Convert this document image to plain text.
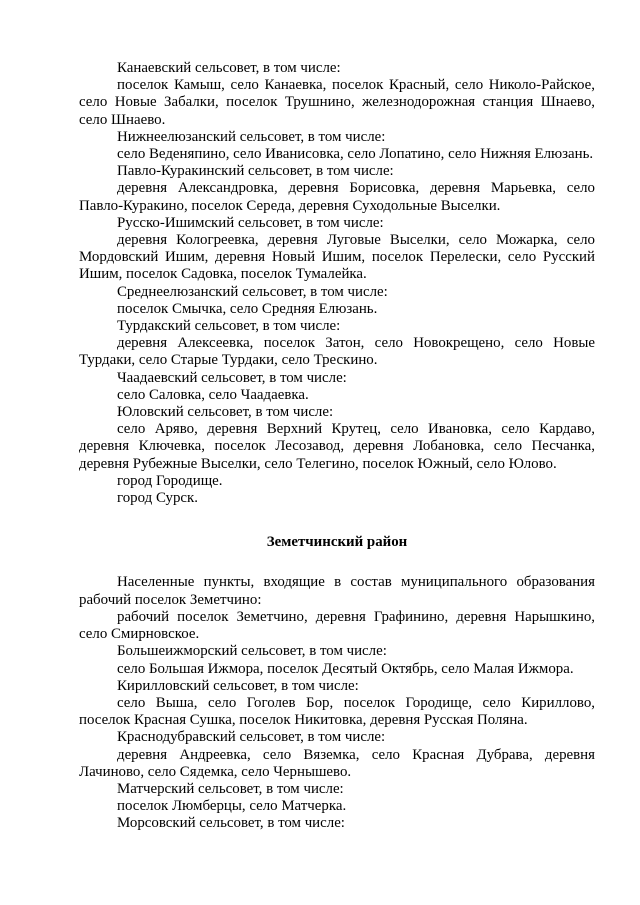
Канаевский сельсовет, в том числе:

поселок Камыш, село Канаевка, поселок Красный, село Николо-Райское, село Новые Забалки, поселок Трушнино, железнодорожная станция Шнаево, село Шнаево.

Нижнеелюзанский сельсовет, в том числе:

село Веденяпино, село Иванисовка, село Лопатино, село Нижняя Елюзань.

Павло-Куракинский сельсовет, в том числе:

деревня Александровка, деревня Борисовка, деревня Марьевка, село Павло-Куракино, поселок Середа, деревня Суходольные Выселки.

Русско-Ишимский сельсовет, в том числе:

деревня Кологреевка, деревня Луговые Выселки, село Можарка, село Мордовский Ишим, деревня Новый Ишим, поселок Перелески, село Русский Ишим, поселок Садовка, поселок Тумалейка.

Среднеелюзанский сельсовет, в том числе:

поселок Смычка, село Средняя Елюзань.

Турдакский сельсовет, в том числе:

деревня Алексеевка, поселок Затон, село Новокрещено, село Новые Турдаки, село Старые Турдаки, село Трескино.

Чаадаевский сельсовет, в том числе:

село Саловка, село Чаадаевка.

Юловский сельсовет, в том числе:

село Аряво, деревня Верхний Крутец, село Ивановка, село Кардаво, деревня Ключевка, поселок Лесозавод, деревня Лобановка, село Песчанка, деревня Рубежные Выселки, село Телегино, поселок Южный, село Юлово.

город Городище.

город Сурск.

Земетчинский район

Населенные пункты, входящие в состав муниципального образования рабочий поселок Земетчино:

рабочий поселок Земетчино, деревня Графинино, деревня Нарышкино, село Смирновское.

Большеижморский сельсовет, в том числе:

село Большая Ижмора, поселок Десятый Октябрь, село Малая Ижмора.

Кирилловский сельсовет, в том числе:

село Выша, село Гоголев Бор, поселок Городище, село Кириллово, поселок Красная Сушка, поселок Никитовка, деревня Русская Поляна.

Краснодубравский сельсовет, в том числе:

деревня Андреевка, село Вяземка, село Красная Дубрава, деревня Лачиново, село Сядемка, село Чернышево.

Матчерский сельсовет, в том числе:

поселок Люмберцы, село Матчерка.

Морсовский сельсовет, в том числе:
